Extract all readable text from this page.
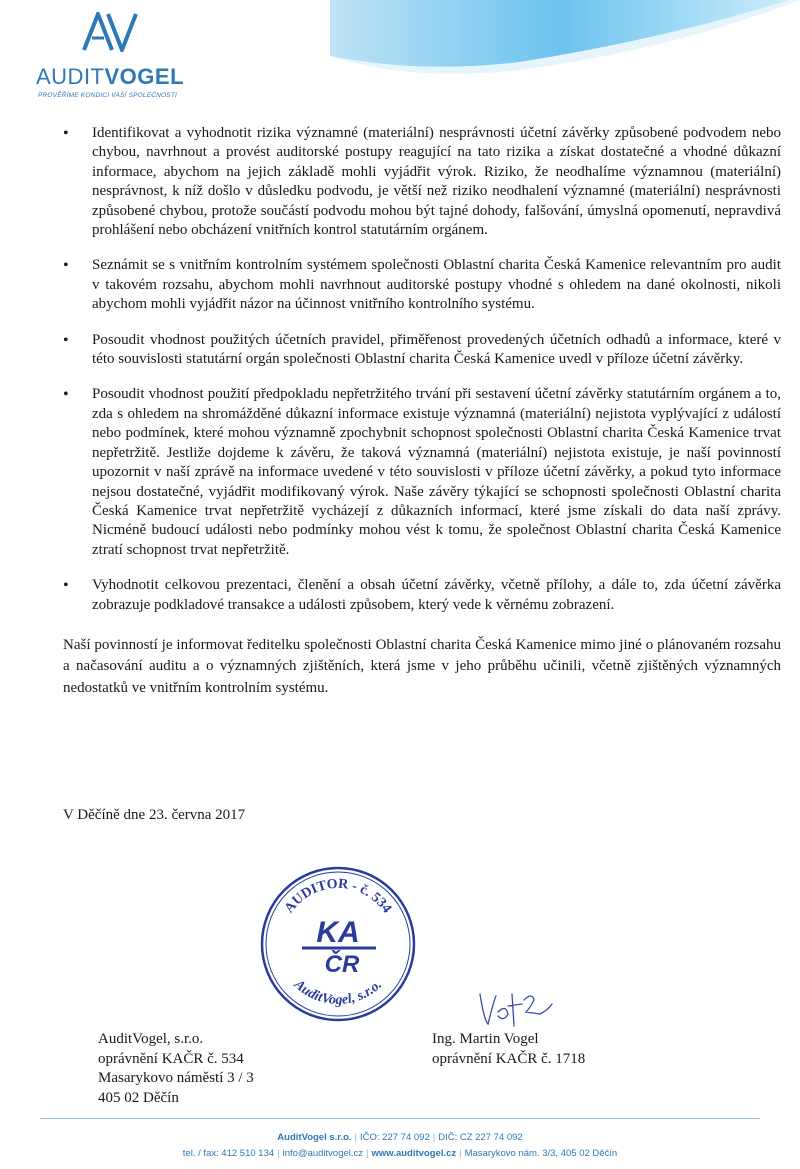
AUDITVOGEL
PROVĚŘÍME KONDICI VAŠÍ SPOLEČNOSTI
• Identifikovat a vyhodnotit rizika významné (materiální) nesprávnosti účetní závěrky způsobené podvodem nebo chybou, navrhnout a provést auditorské postupy reagující na tato rizika a získat dostatečné a vhodné důkazní informace, abychom na jejich základě mohli vyjádřit výrok. Riziko, že neodhalíme významnou (materiální) nesprávnost, k níž došlo v důsledku podvodu, je větší než riziko neodhalení významné (materiální) nesprávnosti způsobené chybou, protože součástí podvodu mohou být tajné dohody, falšování, úmyslná opomenutí, nepravdivá prohlášení nebo obcházení vnitřních kontrol statutárním orgánem.
• Seznámit se s vnitřním kontrolním systémem společnosti Oblastní charita Česká Kamenice relevantním pro audit v takovém rozsahu, abychom mohli navrhnout auditorské postupy vhodné s ohledem na dané okolnosti, nikoli abychom mohli vyjádřit názor na účinnost vnitřního kontrolního systému.
• Posoudit vhodnost použitých účetních pravidel, přiměřenost provedených účetních odhadů a informace, které v této souvislosti statutární orgán společnosti Oblastní charita Česká Kamenice uvedl v příloze účetní závěrky.
• Posoudit vhodnost použití předpokladu nepřetržitého trvání při sestavení účetní závěrky statutárním orgánem a to, zda s ohledem na shromážděné důkazní informace existuje významná (materiální) nejistota vyplývající z událostí nebo podmínek, které mohou významně zpochybnit schopnost společnosti Oblastní charita Česká Kamenice trvat nepřetržitě. Jestliže dojdeme k závěru, že taková významná (materiální) nejistota existuje, je naší povinností upozornit v naší zprávě na informace uvedené v této souvislosti v příloze účetní závěrky, a pokud tyto informace nejsou dostatečné, vyjádřit modifikovaný výrok. Naše závěry týkající se schopnosti společnosti Oblastní charita Česká Kamenice trvat nepřetržitě vycházejí z důkazních informací, které jsme získali do data naší zprávy. Nicméně budoucí události nebo podmínky mohou vést k tomu, že společnost Oblastní charita Česká Kamenice ztratí schopnost trvat nepřetržitě.
• Vyhodnotit celkovou prezentaci, členění a obsah účetní závěrky, včetně přílohy, a dále to, zda účetní závěrka zobrazuje podkladové transakce a události způsobem, který vede k věrnému zobrazení.

Naší povinností je informovat ředitelku společnosti Oblastní charita Česká Kamenice mimo jiné o plánovaném rozsahu a načasování auditu a o významných zjištěních, která jsme v jeho průběhu učinili, včetně zjištěných významných nedostatků ve vnitřním kontrolním systému.

V Děčíně dne 23. června 2017
AUDITOR - č. 534
AuditVogel, s.r.o.
KA
ČR
AuditVogel, s.r.o.
oprávnění KAČR č. 534
Masarykovo náměstí 3 / 3
405 02 Děčín
Ing. Martin Vogel
oprávnění KAČR č. 1718
AuditVogel s.r.o. | IČO: 227 74 092 | DIČ: CZ 227 74 092
tel. / fax: 412 510 134 | info@auditvogel.cz | www.auditvogel.cz | Masarykovo nám. 3/3, 405 02 Děčín
